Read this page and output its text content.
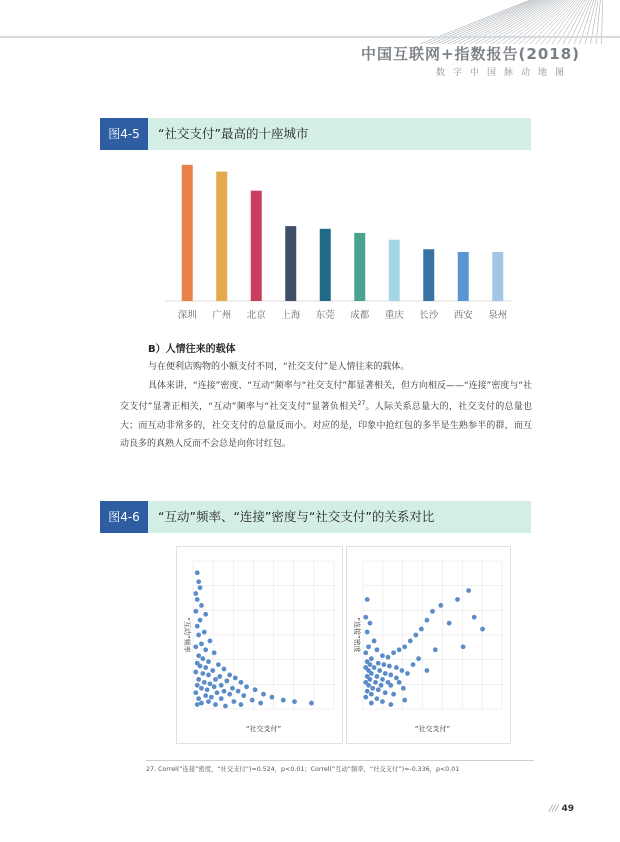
中国互联网+指数报告(2018)
数字中国脉动地图
图4-5	“社交支付”最高的十座城市
深圳 广州 北京 上海 东莞 成都 重庆 长沙 西安 泉州
B）人情往来的载体

与在便利店购物的小额支付不同，“社交支付”是人情往来的载体。

具体来讲，“连接”密度、“互动”频率与“社交支付”都显著相关，但方向相反——“连接”密度与“社交支付”显著正相关，“互动”频率与“社交支付”显著负相关$^{27}$。人际关系总量大的，社交支付的总量也大；而互动非常多的，社交支付的总量反而小。对应的是，印象中抢红包的多半是生熟参半的群，而互动良多的真熟人反而不会总是向你讨红包。

图4-6	“互动”频率、“连接”密度与“社交支付”的关系对比
“社交支付”
“互动”频率
“社交支付”
“连接”密度
27. Correl(“连接”密度，“社交支付”)=0.524，p<0.01；Correl(“互动”频率，“社交支付”)=-0.336，p<0.01
/// 49
